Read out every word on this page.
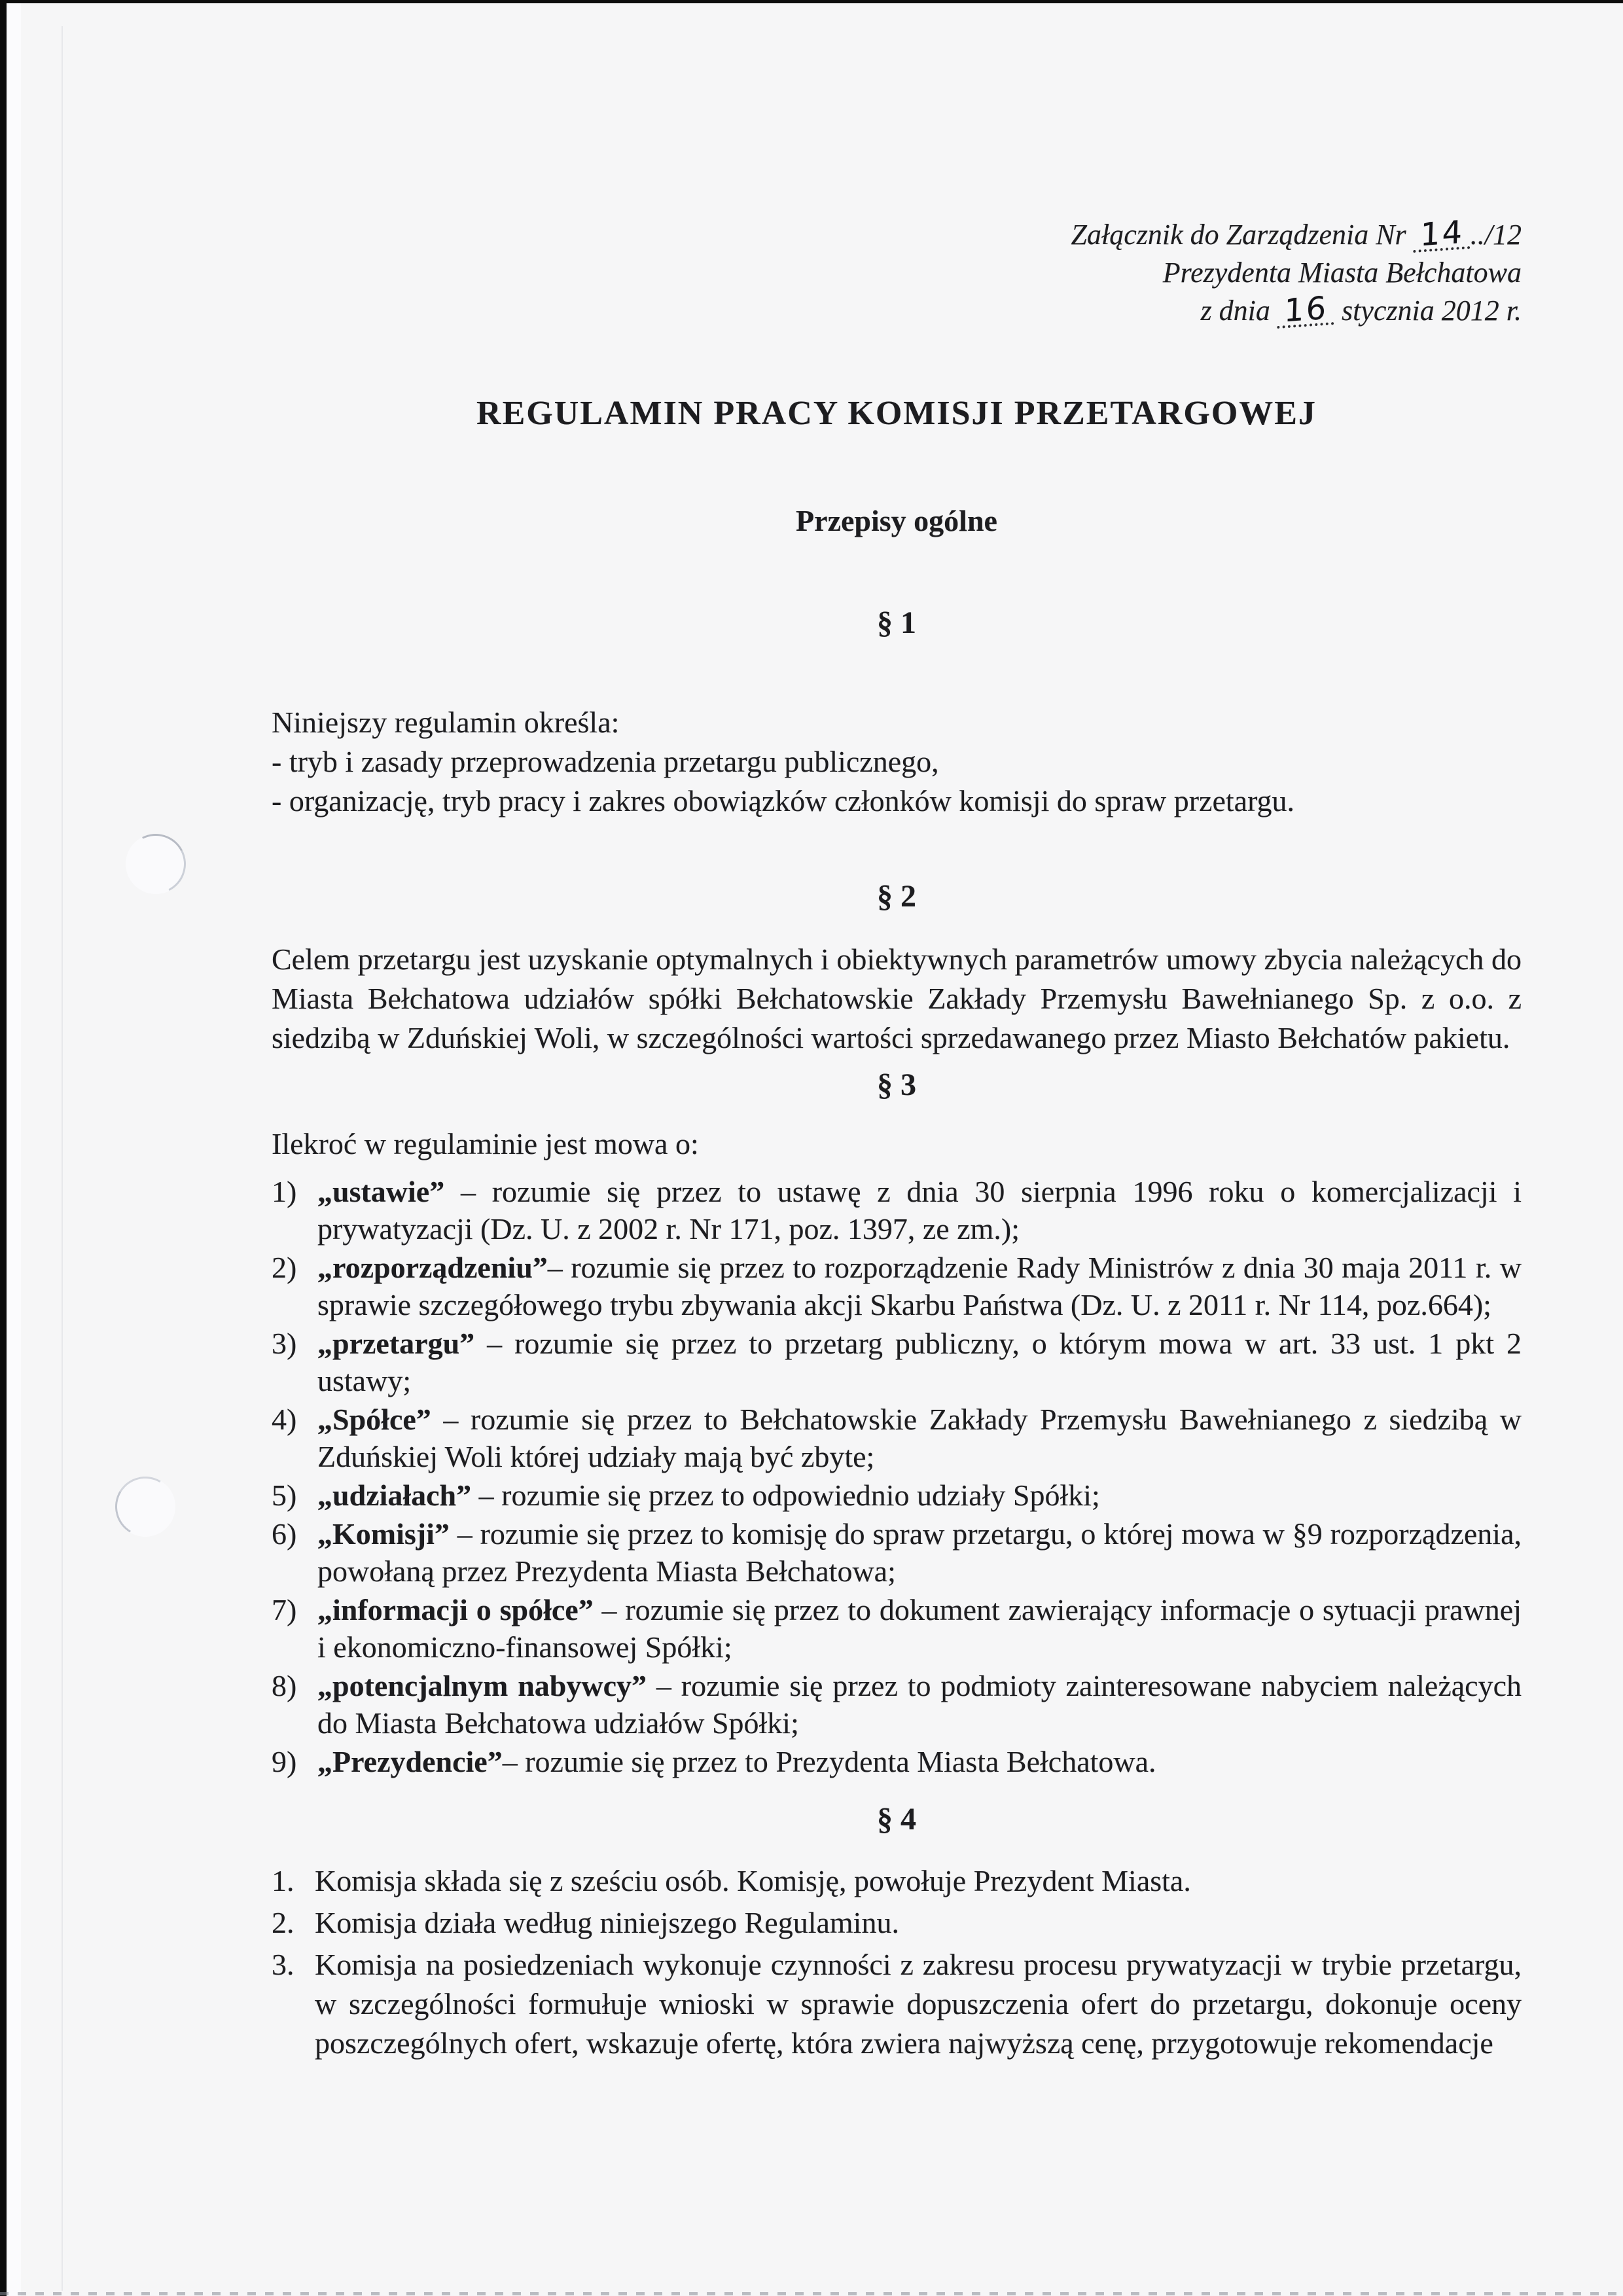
Załącznik do Zarządzenia Nr 14 ../12
Prezydenta Miasta Bełchatowa
z dnia 16 stycznia 2012 r.
REGULAMIN PRACY KOMISJI PRZETARGOWEJ
Przepisy ogólne
§ 1

Niniejszy regulamin określa:

- tryb i zasady przeprowadzenia przetargu publicznego,

- organizację, tryb pracy i zakres obowiązków członków komisji do spraw przetargu.

§ 2

Celem przetargu jest uzyskanie optymalnych i obiektywnych parametrów umowy zbycia należących do Miasta Bełchatowa udziałów spółki Bełchatowskie Zakłady Przemysłu Bawełnianego Sp. z o.o. z siedzibą w Zduńskiej Woli, w szczególności wartości sprzedawanego przez Miasto Bełchatów pakietu.

§ 3

Ilekroć w regulaminie jest mowa o:

1) „ustawie” – rozumie się przez to ustawę z dnia 30 sierpnia 1996 roku o komercjalizacji i prywatyzacji (Dz. U. z 2002 r. Nr 171, poz. 1397, ze zm.);

2) „rozporządzeniu”– rozumie się przez to rozporządzenie Rady Ministrów z dnia 30 maja 2011 r. w sprawie szczegółowego trybu zbywania akcji Skarbu Państwa (Dz. U. z 2011 r. Nr 114, poz.664);

3) „przetargu” – rozumie się przez to przetarg publiczny, o którym mowa w art. 33 ust. 1 pkt 2 ustawy;

4) „Spółce” – rozumie się przez to Bełchatowskie Zakłady Przemysłu Bawełnianego z siedzibą w Zduńskiej Woli której udziały mają być zbyte;

5) „udziałach” – rozumie się przez to odpowiednio udziały Spółki;

6) „Komisji” – rozumie się przez to komisję do spraw przetargu, o której mowa w §9 rozporządzenia, powołaną przez Prezydenta Miasta Bełchatowa;

7) „informacji o spółce” – rozumie się przez to dokument zawierający informacje o sytuacji prawnej i ekonomiczno-finansowej Spółki;

8) „potencjalnym nabywcy” – rozumie się przez to podmioty zainteresowane nabyciem należących do Miasta Bełchatowa udziałów Spółki;

9) „Prezydencie”– rozumie się przez to Prezydenta Miasta Bełchatowa.

§ 4

1. Komisja składa się z sześciu osób. Komisję, powołuje Prezydent Miasta.

2. Komisja działa według niniejszego Regulaminu.

3. Komisja na posiedzeniach wykonuje czynności z zakresu procesu prywatyzacji w trybie przetargu, w szczególności formułuje wnioski w sprawie dopuszczenia ofert do przetargu, dokonuje oceny poszczególnych ofert, wskazuje ofertę, która zwiera najwyższą cenę, przygotowuje rekomendacje
